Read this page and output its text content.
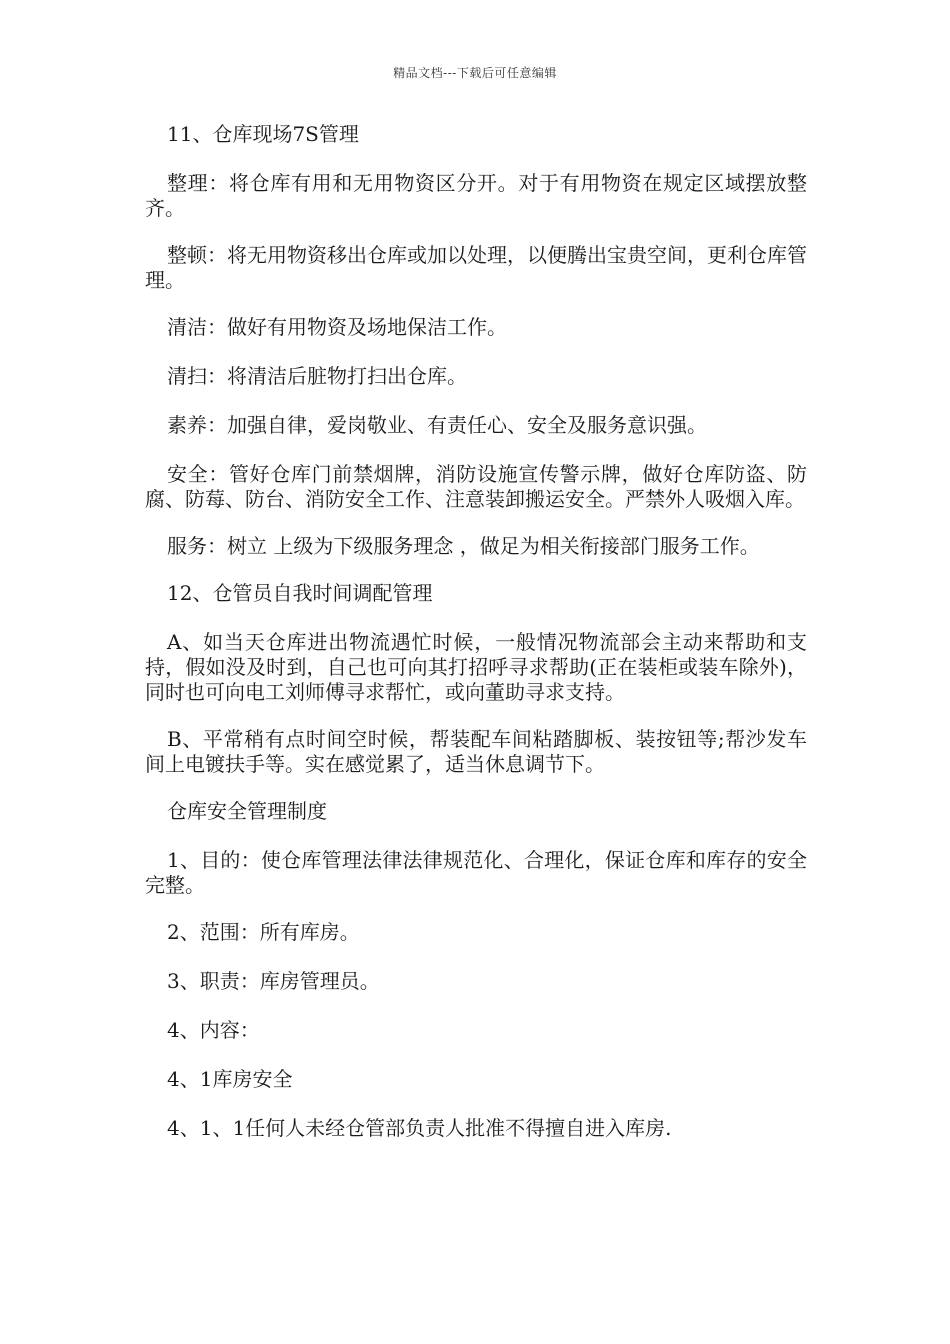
精品文档---下载后可任意编辑

11、仓库现场7S管理

整理：将仓库有用和无用物资区分开。对于有用物资在规定区域摆放整齐。

整顿：将无用物资移出仓库或加以处理，以便腾出宝贵空间，更利仓库管理。

清洁：做好有用物资及场地保洁工作。

清扫：将清洁后脏物打扫出仓库。

素养：加强自律，爱岗敬业、有责任心、安全及服务意识强。

安全：管好仓库门前禁烟牌，消防设施宣传警示牌，做好仓库防盗、防腐、防莓、防台、消防安全工作、注意装卸搬运安全。严禁外人吸烟入库。

服务：树立 上级为下级服务理念 ，做足为相关衔接部门服务工作。

12、仓管员自我时间调配管理

A、如当天仓库进出物流遇忙时候，一般情况物流部会主动来帮助和支持，假如没及时到，自己也可向其打招呼寻求帮助(正在装柜或装车除外)，同时也可向电工刘师傅寻求帮忙，或向董助寻求支持。

B、平常稍有点时间空时候，帮装配车间粘踏脚板、装按钮等;帮沙发车间上电镀扶手等。实在感觉累了，适当休息调节下。

仓库安全管理制度

1、目的：使仓库管理法律法律规范化、合理化，保证仓库和库存的安全完整。

2、范围：所有库房。

3、职责：库房管理员。

4、内容：

4、1库房安全

4、1、1任何人未经仓管部负责人批准不得擅自进入库房.
